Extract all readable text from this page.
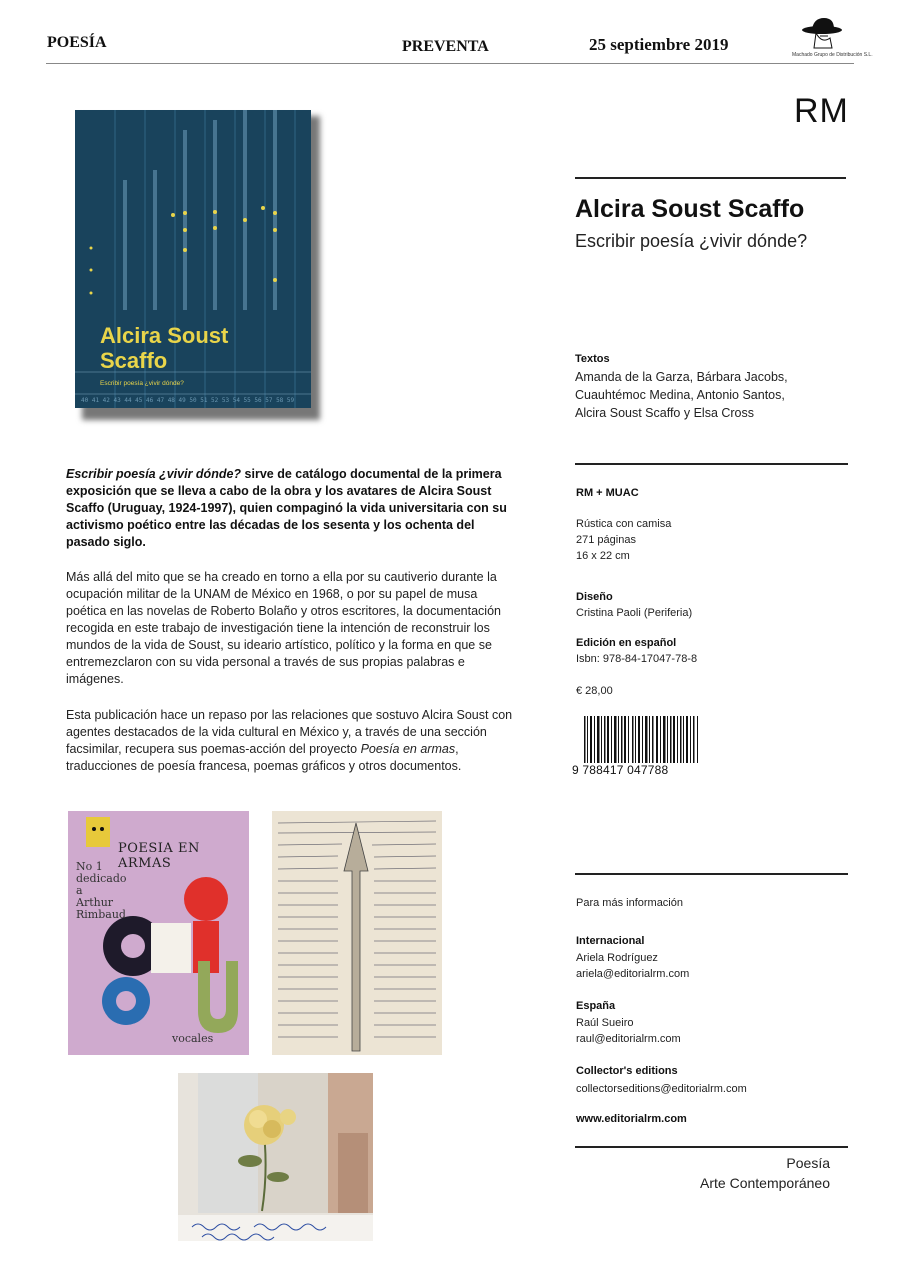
POESÍA	PREVENTA	25 septiembre 2019
Machado Grupo de Distribución S.L.
RM
40 41 42 43 44 45 46 47 48 49 50 51 52 53 54 55 56 57 58 59
Alcira Soust
Scaffo
Escribir poesía ¿vivir dónde?
Alcira Soust Scaffo
Escribir poesía ¿vivir dónde?
Textos
Amanda de la Garza, Bárbara Jacobs,
Cuauhtémoc Medina, Antonio Santos,
Alcira Soust Scaffo y Elsa Cross
RM + MUAC
Rústica con camisa
271 páginas
16 x 22 cm
Diseño
Cristina Paoli (Periferia)
Edición en español
Isbn: 978-84-17047-78-8
€ 28,00
9 788417 047788
Para más información
Internacional
Ariela Rodríguez
ariela@editorialrm.com
España
Raúl Sueiro
raul@editorialrm.com
Collector's editions
collectorseditions@editorialrm.com
www.editorialrm.com
Poesía
Arte Contemporáneo
Escribir poesía ¿vivir dónde? sirve de catálogo documental de la primera exposición que se lleva a cabo de la obra y los avatares de Alcira Soust Scaffo (Uruguay, 1924-1997), quien compaginó la vida universitaria con su activismo poético entre las décadas de los sesenta y los ochenta del pasado siglo.
Más allá del mito que se ha creado en torno a ella por su cautiverio durante la ocupación militar de la UNAM de México en 1968, o por su papel de musa poética en las novelas de Roberto Bolaño y otros escritores, la documentación recogida en este trabajo de investigación tiene la intención de reconstruir los mundos de la vida de Soust, su ideario artístico, político y la forma en que se entremezclaron con su vida personal a través de sus propias palabras e imágenes.
Esta publicación hace un repaso por las relaciones que sostuvo Alcira Soust con agentes destacados de la vida cultural en México y, a través de una sección facsimilar, recupera sus poemas-acción del proyecto Poesía en armas, traducciones de poesía francesa, poemas gráficos y otros documentos.
POESIA EN ARMAS
No 1
dedicado
a
Arthur
Rimbaud
vocales
